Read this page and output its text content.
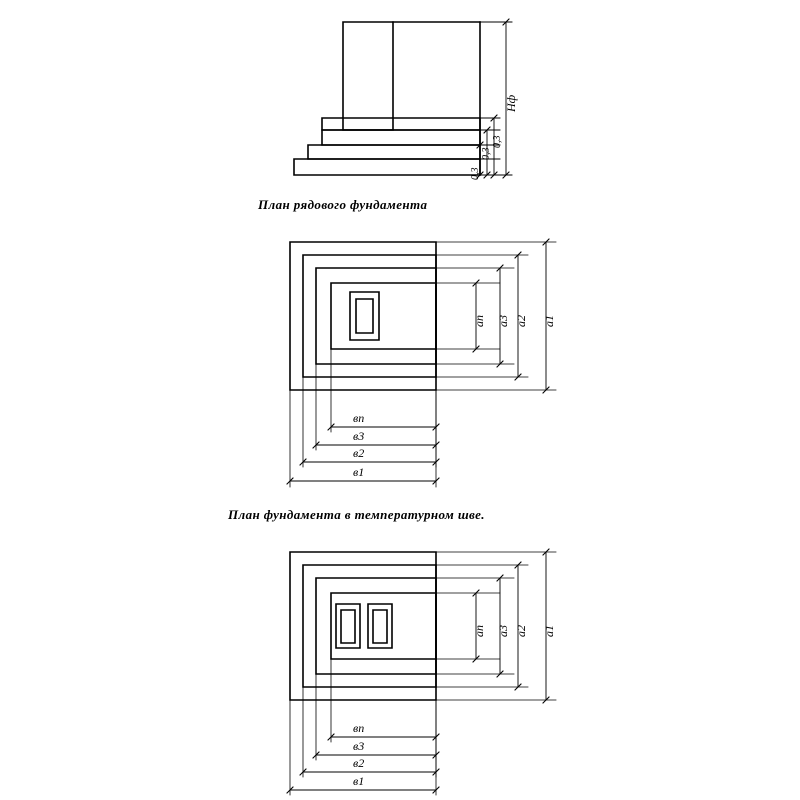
Нф
0,3
0,3
0,3
План рядового фундамента
ап а3 а2 а1
вп
в3
в2
в1
План фундамента в температурном шве.
ап а3 а2 а1
вп
в3
в2
в1
